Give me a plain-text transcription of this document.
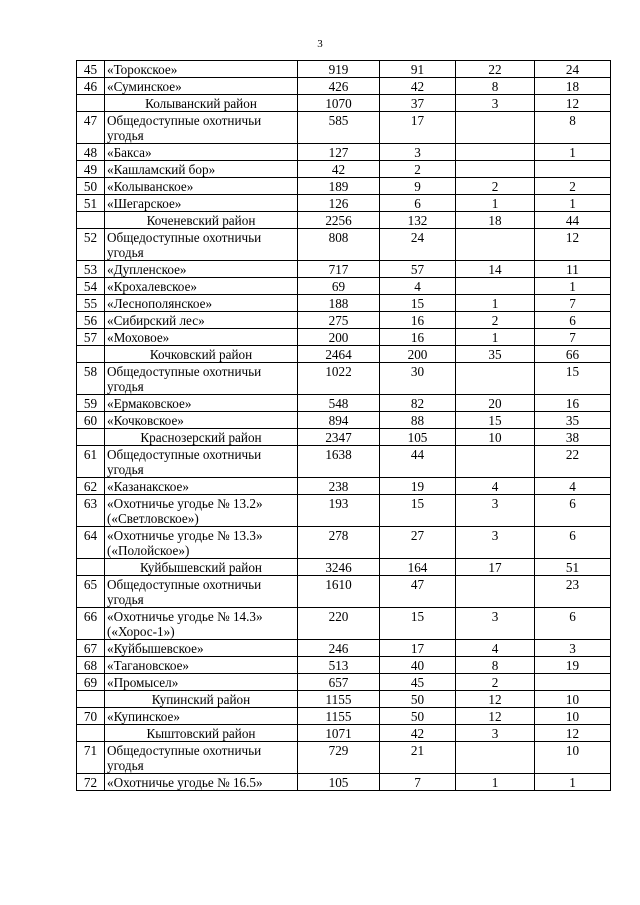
3
45	«Торокское»	919	91	22	24
46	«Суминское»	426	42	8	18
	Колыванский район	1070	37	3	12
47	Общедоступные охотничьи угодья	585	17		8
48	«Бакса»	127	3		1
49	«Кашламский бор»	42	2		
50	«Колыванское»	189	9	2	2
51	«Шегарское»	126	6	1	1
	Коченевский район	2256	132	18	44
52	Общедоступные охотничьи угодья	808	24		12
53	«Дупленское»	717	57	14	11
54	«Крохалевское»	69	4		1
55	«Леснополянское»	188	15	1	7
56	«Сибирский лес»	275	16	2	6
57	«Моховое»	200	16	1	7
	Кочковский район	2464	200	35	66
58	Общедоступные охотничьи угодья	1022	30		15
59	«Ермаковское»	548	82	20	16
60	«Кочковское»	894	88	15	35
	Краснозерский район	2347	105	10	38
61	Общедоступные охотничьи угодья	1638	44		22
62	«Казанакское»	238	19	4	4
63	«Охотничье угодье № 13.2» («Светловское»)	193	15	3	6
64	«Охотничье угодье № 13.3» («Полойское»)	278	27	3	6
	Куйбышевский район	3246	164	17	51
65	Общедоступные охотничьи угодья	1610	47		23
66	«Охотничье угодье № 14.3» («Хорос-1»)	220	15	3	6
67	«Куйбышевское»	246	17	4	3
68	«Тагановское»	513	40	8	19
69	«Промысел»	657	45	2	
	Купинский район	1155	50	12	10
70	«Купинское»	1155	50	12	10
	Кыштовский район	1071	42	3	12
71	Общедоступные охотничьи угодья	729	21		10
72	«Охотничье угодье № 16.5»	105	7	1	1
